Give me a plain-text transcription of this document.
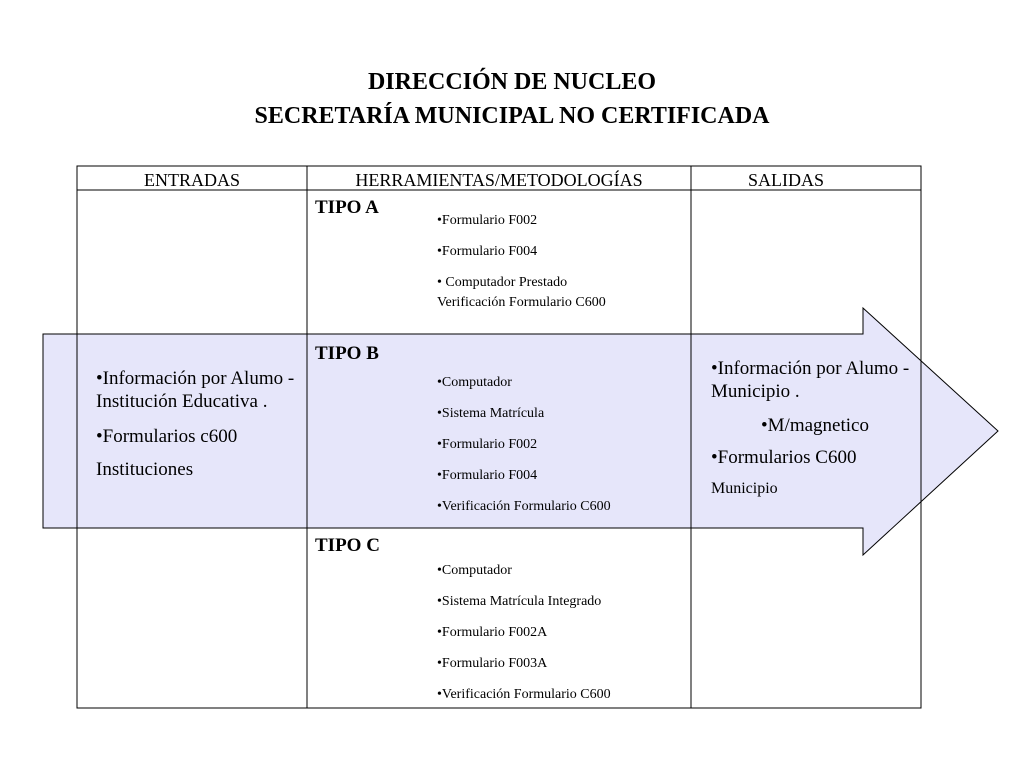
DIRECCIÓN DE NUCLEO
SECRETARÍA MUNICIPAL NO CERTIFICADA
ENTRADAS	HERRAMIENTAS/METODOLOGÍAS	SALIDAS
TIPO A
•Formulario F002
•Formulario F004
• Computador Prestado
Verificación Formulario C600
TIPO B
•Computador
•Sistema Matrícula
•Formulario F002
•Formulario F004
•Verificación Formulario C600
TIPO C
•Computador
•Sistema Matrícula Integrado
•Formulario F002A
•Formulario F003A
•Verificación Formulario C600
•Información por Alumo - Institución Educativa .
•Formularios c600
Instituciones
•Información por Alumo - Municipio .
•M/magnetico
•Formularios C600
Municipio
